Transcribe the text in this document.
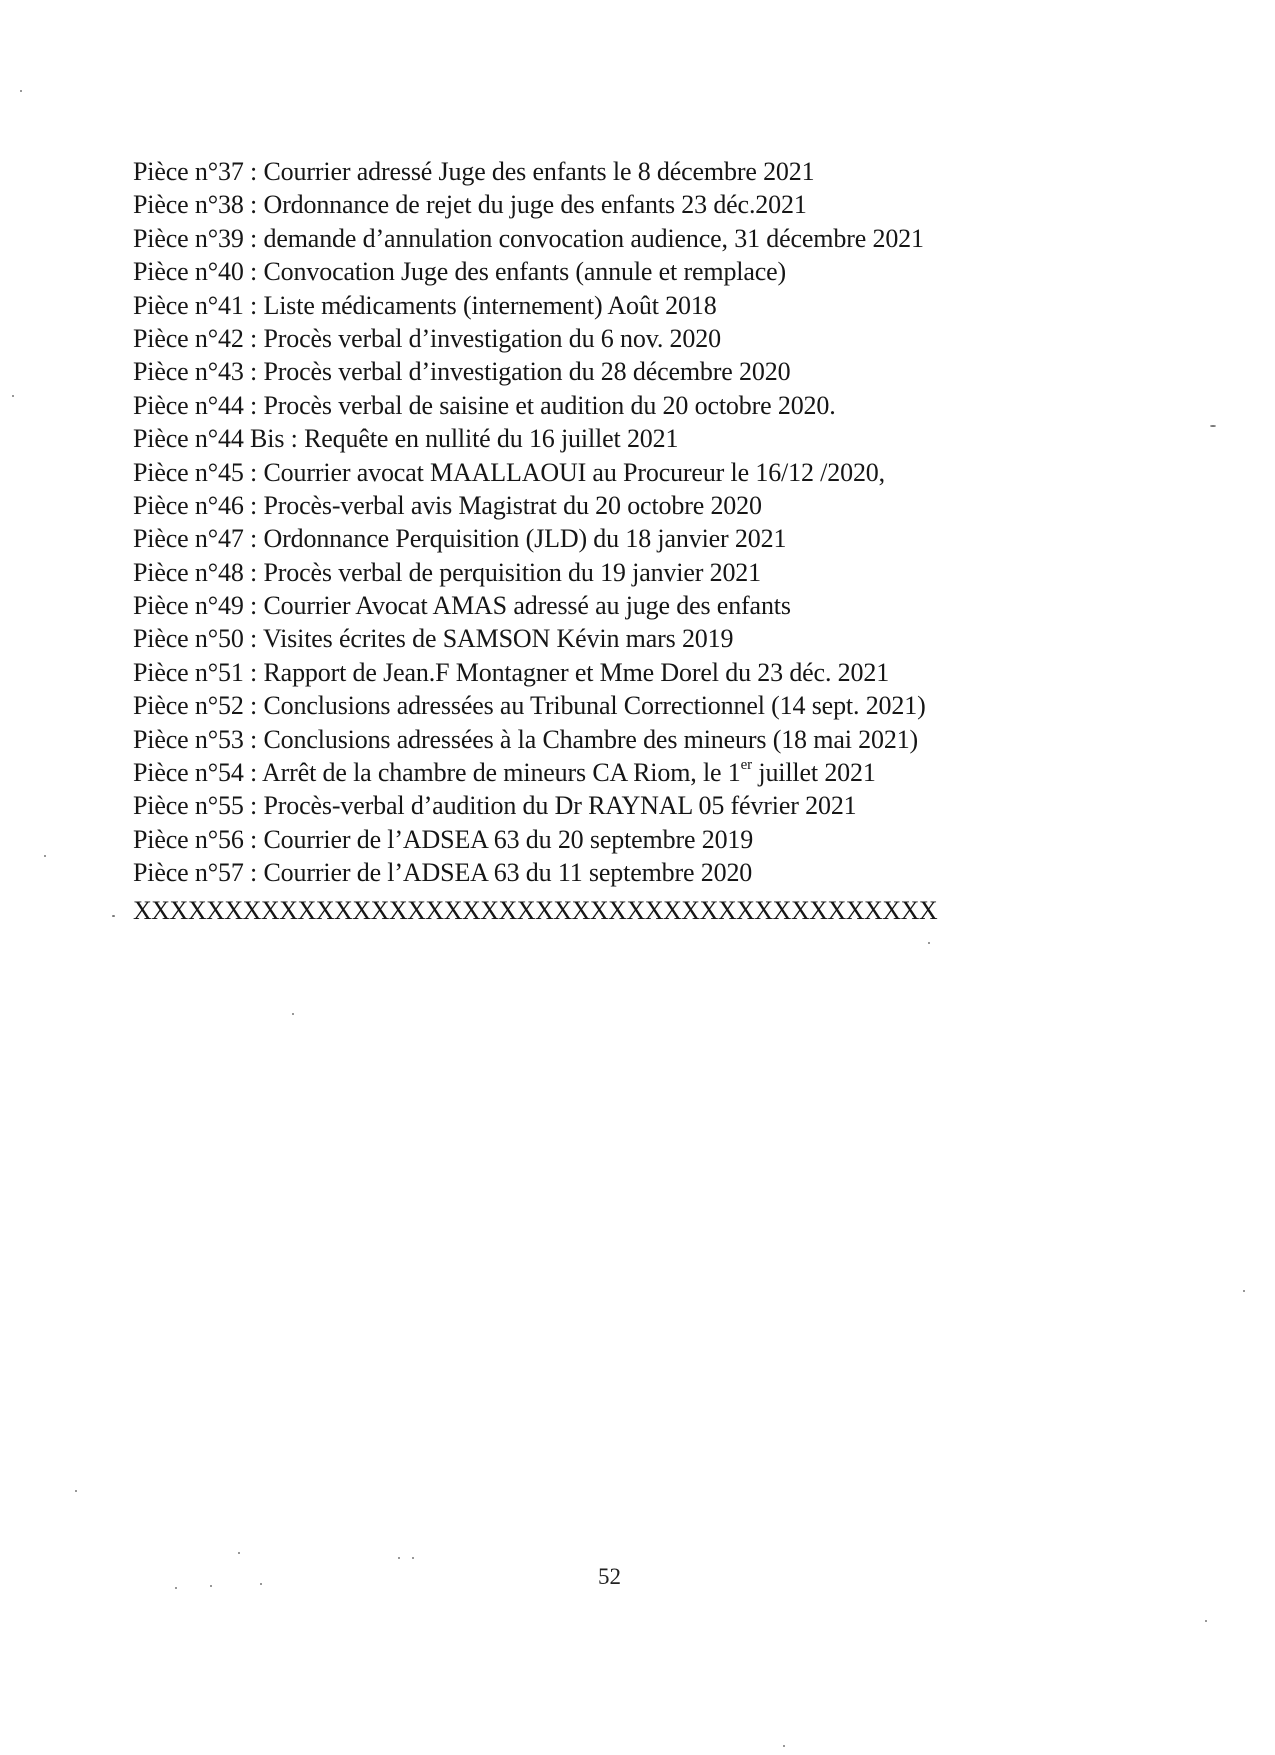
Pièce n°37 : Courrier adressé Juge des enfants le 8 décembre 2021
Pièce n°38 : Ordonnance de rejet du juge des enfants 23 déc.2021
Pièce n°39 : demande d’annulation convocation audience, 31 décembre 2021
Pièce n°40 : Convocation Juge des enfants (annule et remplace)
Pièce n°41 : Liste médicaments (internement) Août 2018
Pièce n°42 : Procès verbal d’investigation du 6 nov. 2020
Pièce n°43 : Procès verbal d’investigation du 28 décembre 2020
Pièce n°44 : Procès verbal de saisine et audition du 20 octobre 2020.
Pièce n°44 Bis : Requête en nullité du 16 juillet 2021
Pièce n°45 : Courrier avocat MAALLAOUI au Procureur le 16/12 /2020,
Pièce n°46 : Procès-verbal avis Magistrat du 20 octobre 2020
Pièce n°47 : Ordonnance Perquisition (JLD) du 18 janvier 2021
Pièce n°48 : Procès verbal de perquisition du 19 janvier 2021
Pièce n°49 : Courrier Avocat AMAS adressé au juge des enfants
Pièce n°50 : Visites écrites de SAMSON Kévin mars 2019
Pièce n°51 : Rapport de Jean.F Montagner et Mme Dorel du 23 déc. 2021
Pièce n°52 : Conclusions adressées au Tribunal Correctionnel (14 sept. 2021)
Pièce n°53 : Conclusions adressées à la Chambre des mineurs (18 mai 2021)
Pièce n°54 : Arrêt de la chambre de mineurs CA Riom, le 1er juillet 2021
Pièce n°55 : Procès-verbal d’audition du Dr RAYNAL 05 février 2021
Pièce n°56 : Courrier de l’ADSEA 63 du 20 septembre 2019
Pièce n°57 : Courrier de l’ADSEA 63 du 11 septembre 2020
XXXXXXXXXXXXXXXXXXXXXXXXXXXXXXXXXXXXXXXXXXXX
52
